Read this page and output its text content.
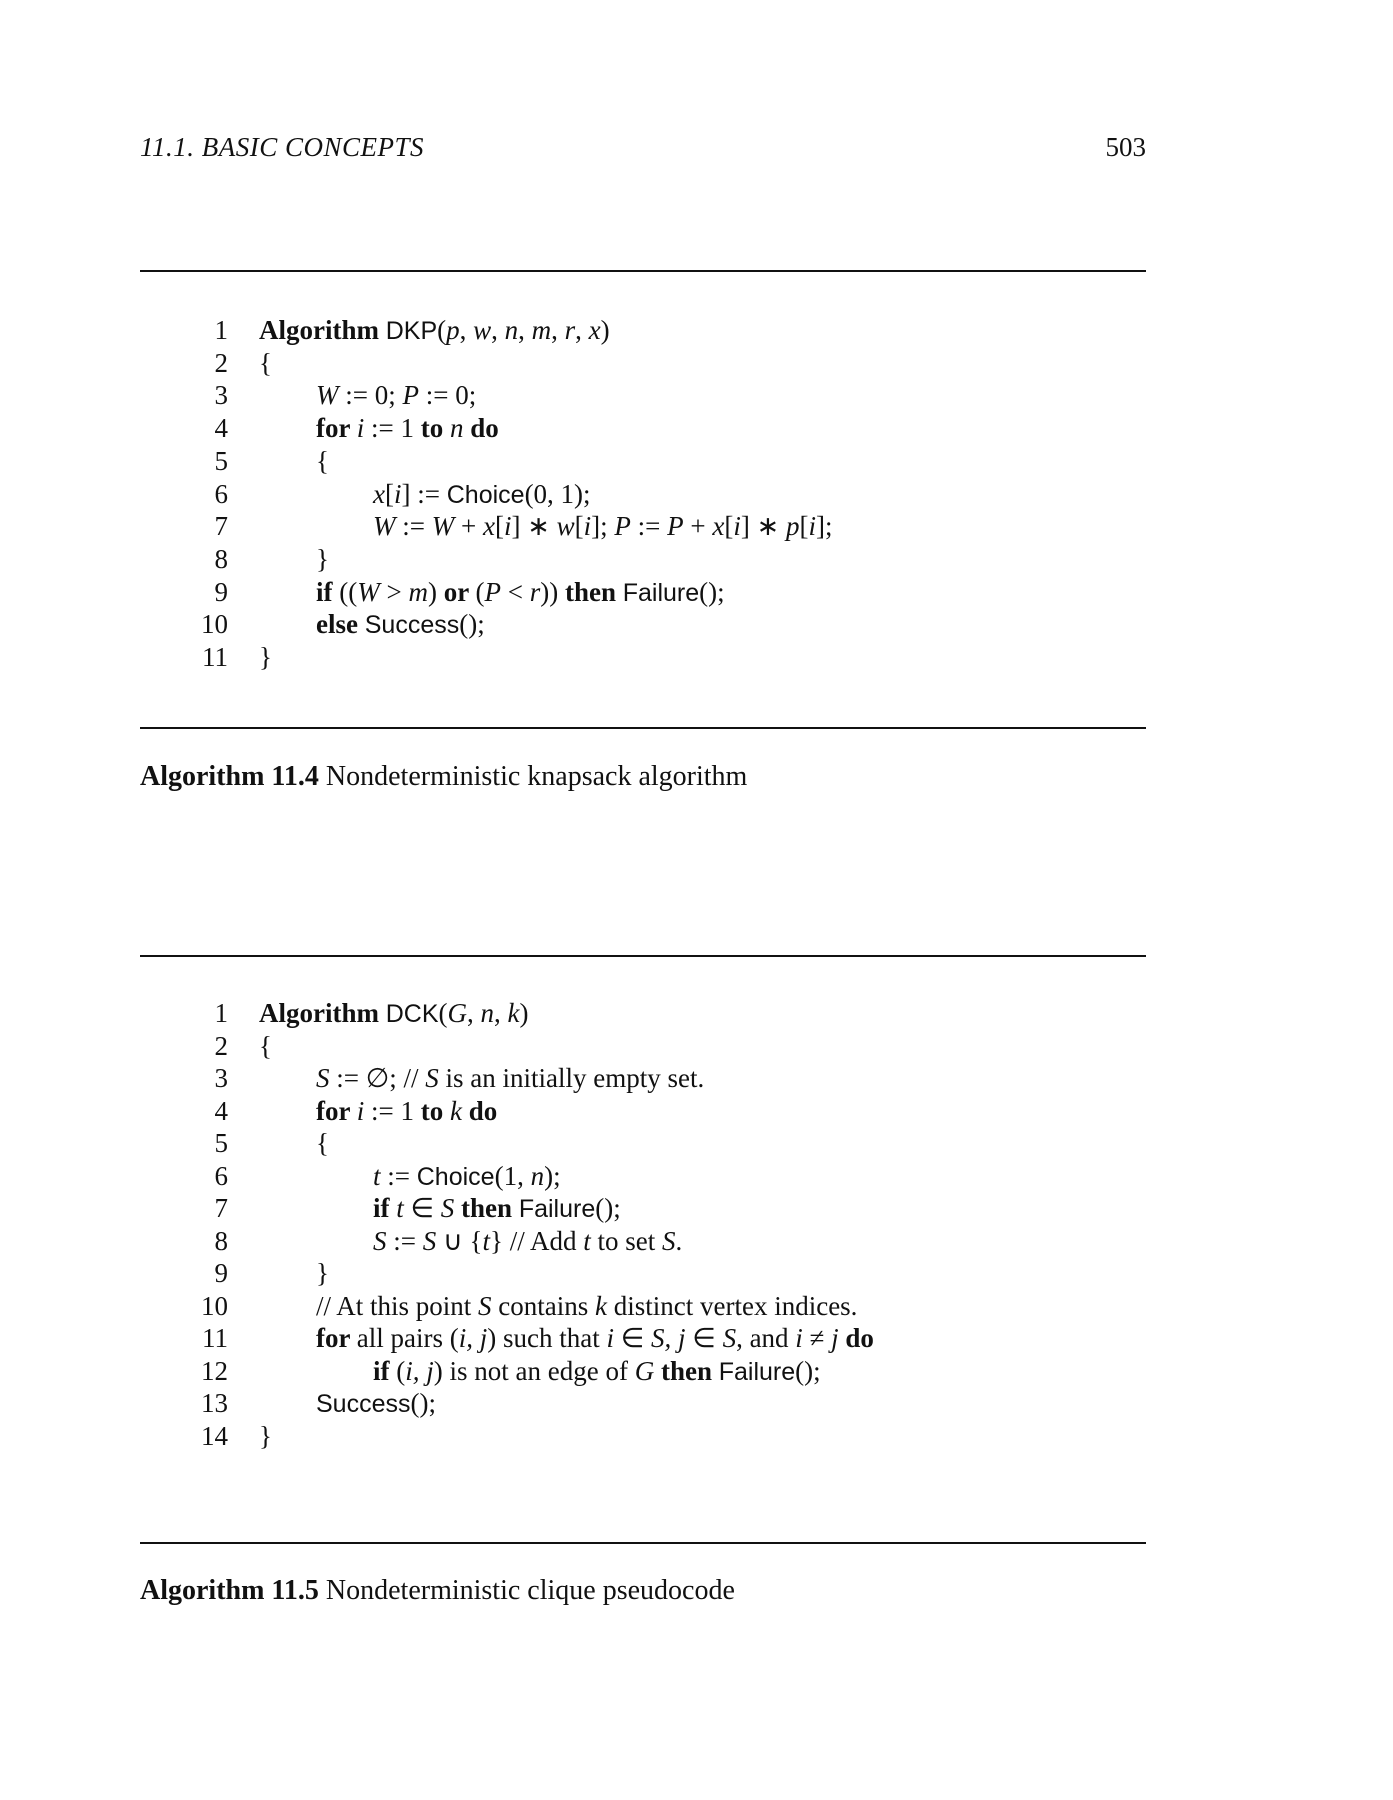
11.1. BASIC CONCEPTS	503
1 Algorithm DKP(p, w, n, m, r, x)
2 {
3	W := 0; P := 0;
4	for i := 1 to n do
5	{
6	x[i] := Choice(0, 1);
7	W := W + x[i] ∗ w[i]; P := P + x[i] ∗ p[i];
8	}
9	if ((W > m) or (P < r)) then Failure();
10	else Success();
11 }
Algorithm 11.4 Nondeterministic knapsack algorithm
1 Algorithm DCK(G, n, k)
2 {
3	S := ∅; // S is an initially empty set.
4	for i := 1 to k do
5	{
6	t := Choice(1, n);
7	if t ∈ S then Failure();
8	S := S ∪ {t} // Add t to set S.
9	}
10	// At this point S contains k distinct vertex indices.
11	for all pairs (i, j) such that i ∈ S, j ∈ S, and i ≠ j do
12	if (i, j) is not an edge of G then Failure();
13	Success();
14 }
Algorithm 11.5 Nondeterministic clique pseudocode
